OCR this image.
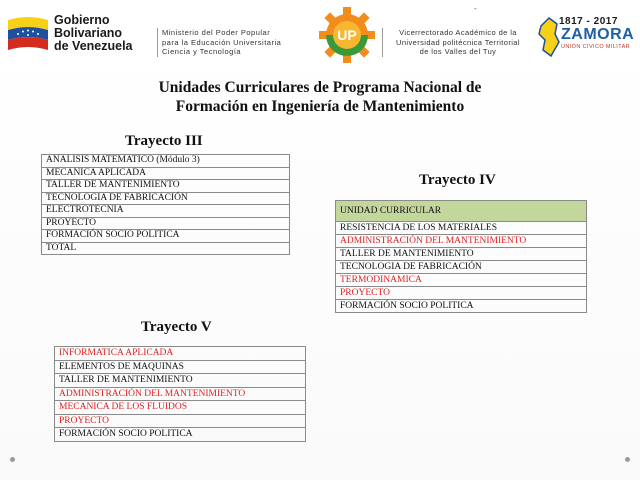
Gobierno
Bolivariano
de Venezuela
Ministerio del Poder Popular
para la Educación Universitaria
Ciencia y Tecnología
UP	Vicerrectorado Académico de la
Universidad politécnica Territorial
de los Valles del Tuy
-
1817 - 2017
ZAMORA
UNIÓN CÍVICO MILITAR
Unidades Curriculares de Programa Nacional de
Formación en Ingeniería de Mantenimiento
Trayecto III
ANALISIS MATEMATICO (Módulo 3)
MECANICA APLICADA
TALLER DE MANTENIMIENTO
TECNOLOGIA DE FABRICACIÓN
ELECTROTECNIA
PROYECTO
FORMACIÓN SOCIO POLITICA
TOTAL
Trayecto IV
UNIDAD CURRICULAR
RESISTENCIA DE LOS MATERIALES
ADMINISTRACIÓN DEL MANTENIMIENTO
TALLER DE MANTENIMIENTO
TECNOLOGIA DE FABRICACIÓN
TERMODINAMICA
PROYECTO
FORMACIÓN SOCIO POLITICA
Trayecto V
INFORMATICA APLICADA
ELEMENTOS DE MAQUINAS
TALLER DE MANTENIMIENTO
ADMINISTRACIÓN DEL MANTENIMIENTO
MECANICA DE LOS FLUIDOS
PROYECTO
FORMACIÓN SOCIO POLITICA
